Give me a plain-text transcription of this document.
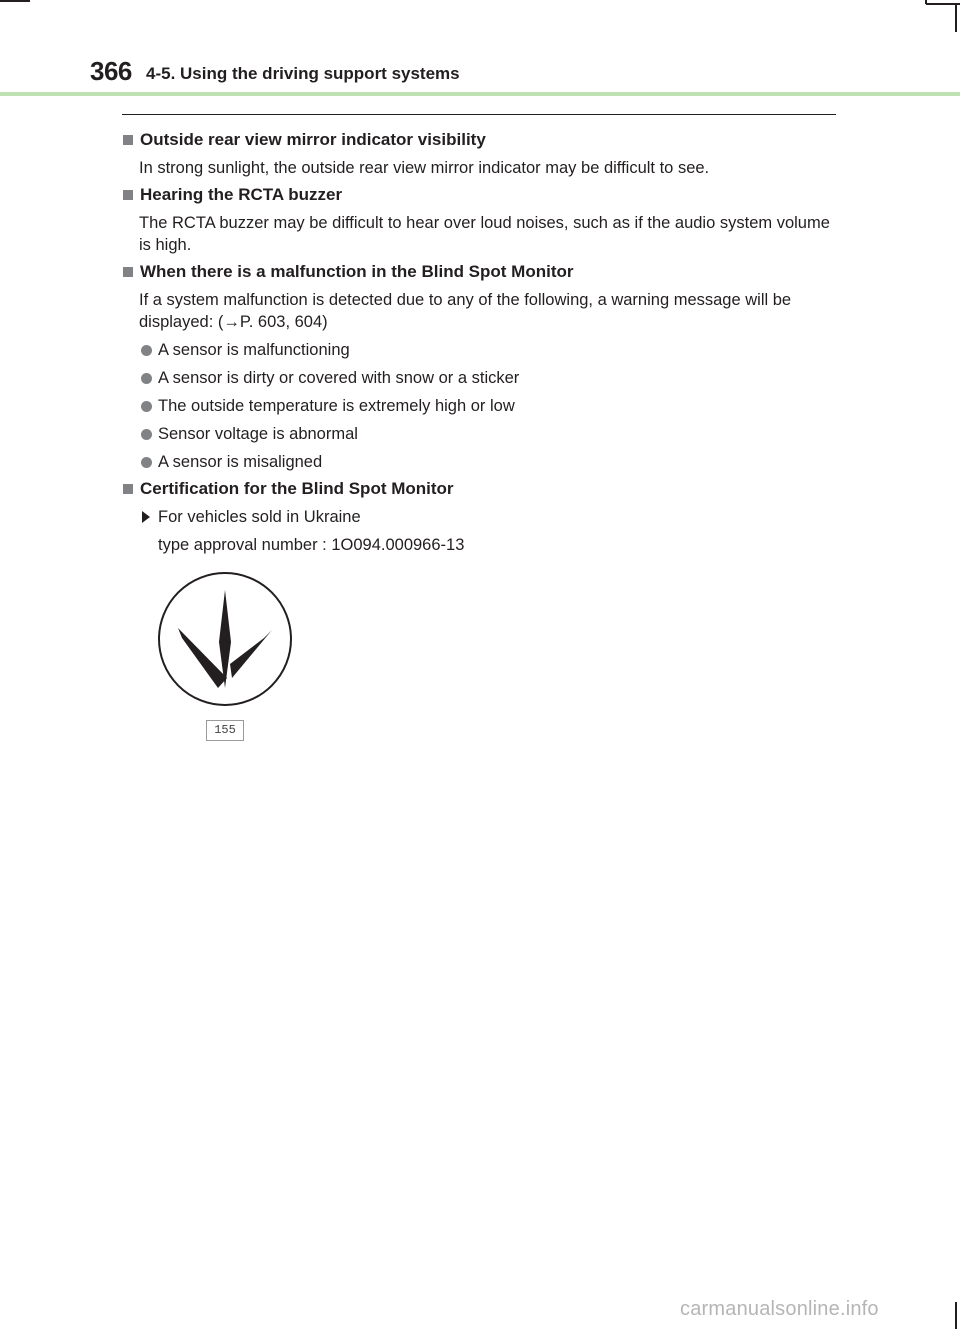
366 4-5. Using the driving support systems
Outside rear view mirror indicator visibility
In strong sunlight, the outside rear view mirror indicator may be difficult to see.
Hearing the RCTA buzzer
The RCTA buzzer may be difficult to hear over loud noises, such as if the audio system volume is high.
When there is a malfunction in the Blind Spot Monitor
If a system malfunction is detected due to any of the following, a warning message will be displayed: (→P. 603, 604)
A sensor is malfunctioning
A sensor is dirty or covered with snow or a sticker
The outside temperature is extremely high or low
Sensor voltage is abnormal
A sensor is misaligned
Certification for the Blind Spot Monitor
For vehicles sold in Ukraine
type approval number : 1O094.000966-13
155
carmanualsonline.info
